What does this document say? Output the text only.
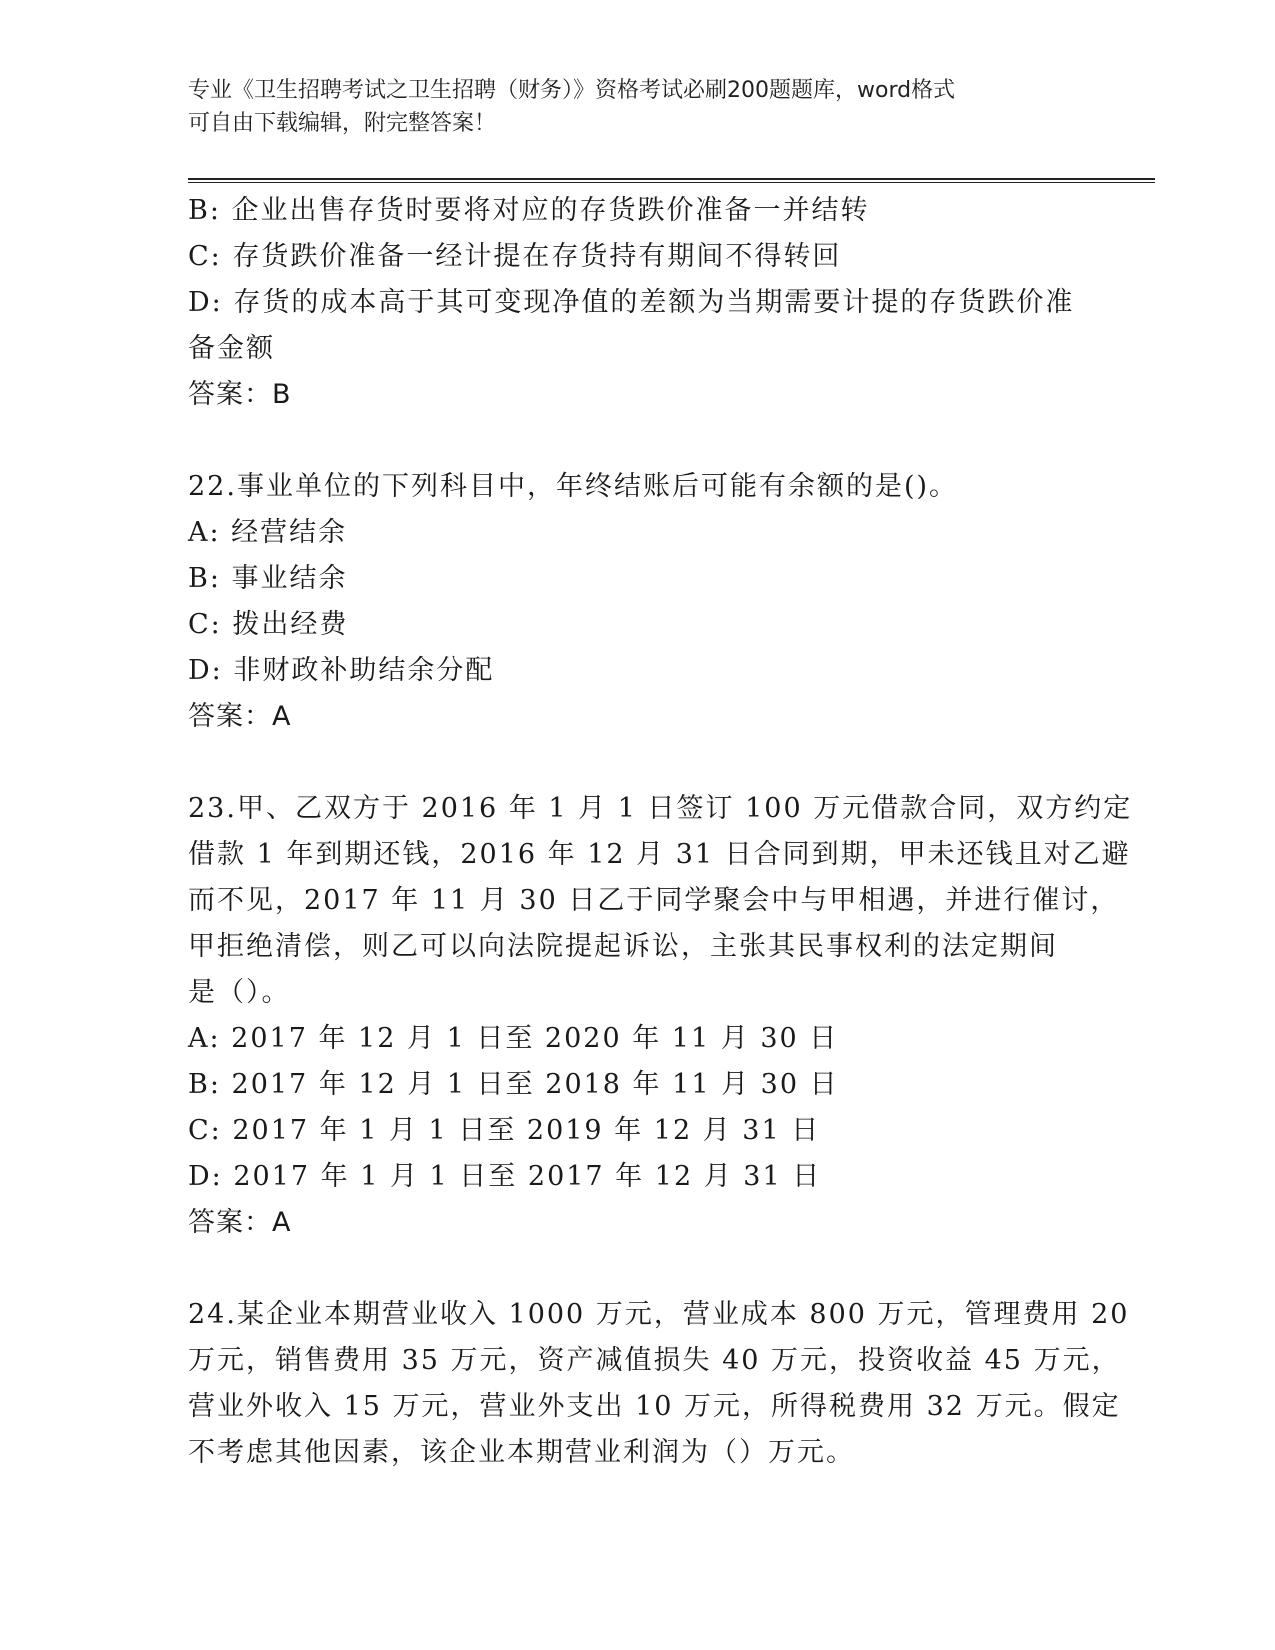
专业《卫生招聘考试之卫生招聘（财务）》资格考试必刷200题题库，word格式
可自由下载编辑，附完整答案！
B: 企业出售存货时要将对应的存货跌价准备一并结转
C: 存货跌价准备一经计提在存货持有期间不得转回
D: 存货的成本高于其可变现净值的差额为当期需要计提的存货跌价准
备金额
答案：B
22.事业单位的下列科目中，年终结账后可能有余额的是()。
A: 经营结余
B: 事业结余
C: 拨出经费
D: 非财政补助结余分配
答案：A
23.甲、乙双方于 2016 年 1 月 1 日签订 100 万元借款合同，双方约定
借款 1 年到期还钱，2016 年 12 月 31 日合同到期，甲未还钱且对乙避
而不见，2017 年 11 月 30 日乙于同学聚会中与甲相遇，并进行催讨，
甲拒绝清偿，则乙可以向法院提起诉讼，主张其民事权利的法定期间
是（）。
A: 2017 年 12 月 1 日至 2020 年 11 月 30 日
B: 2017 年 12 月 1 日至 2018 年 11 月 30 日
C: 2017 年 1 月 1 日至 2019 年 12 月 31 日
D: 2017 年 1 月 1 日至 2017 年 12 月 31 日
答案：A
24.某企业本期营业收入 1000 万元，营业成本 800 万元，管理费用 20
万元，销售费用 35 万元，资产减值损失 40 万元，投资收益 45 万元，
营业外收入 15 万元，营业外支出 10 万元，所得税费用 32 万元。假定
不考虑其他因素，该企业本期营业利润为（）万元。
